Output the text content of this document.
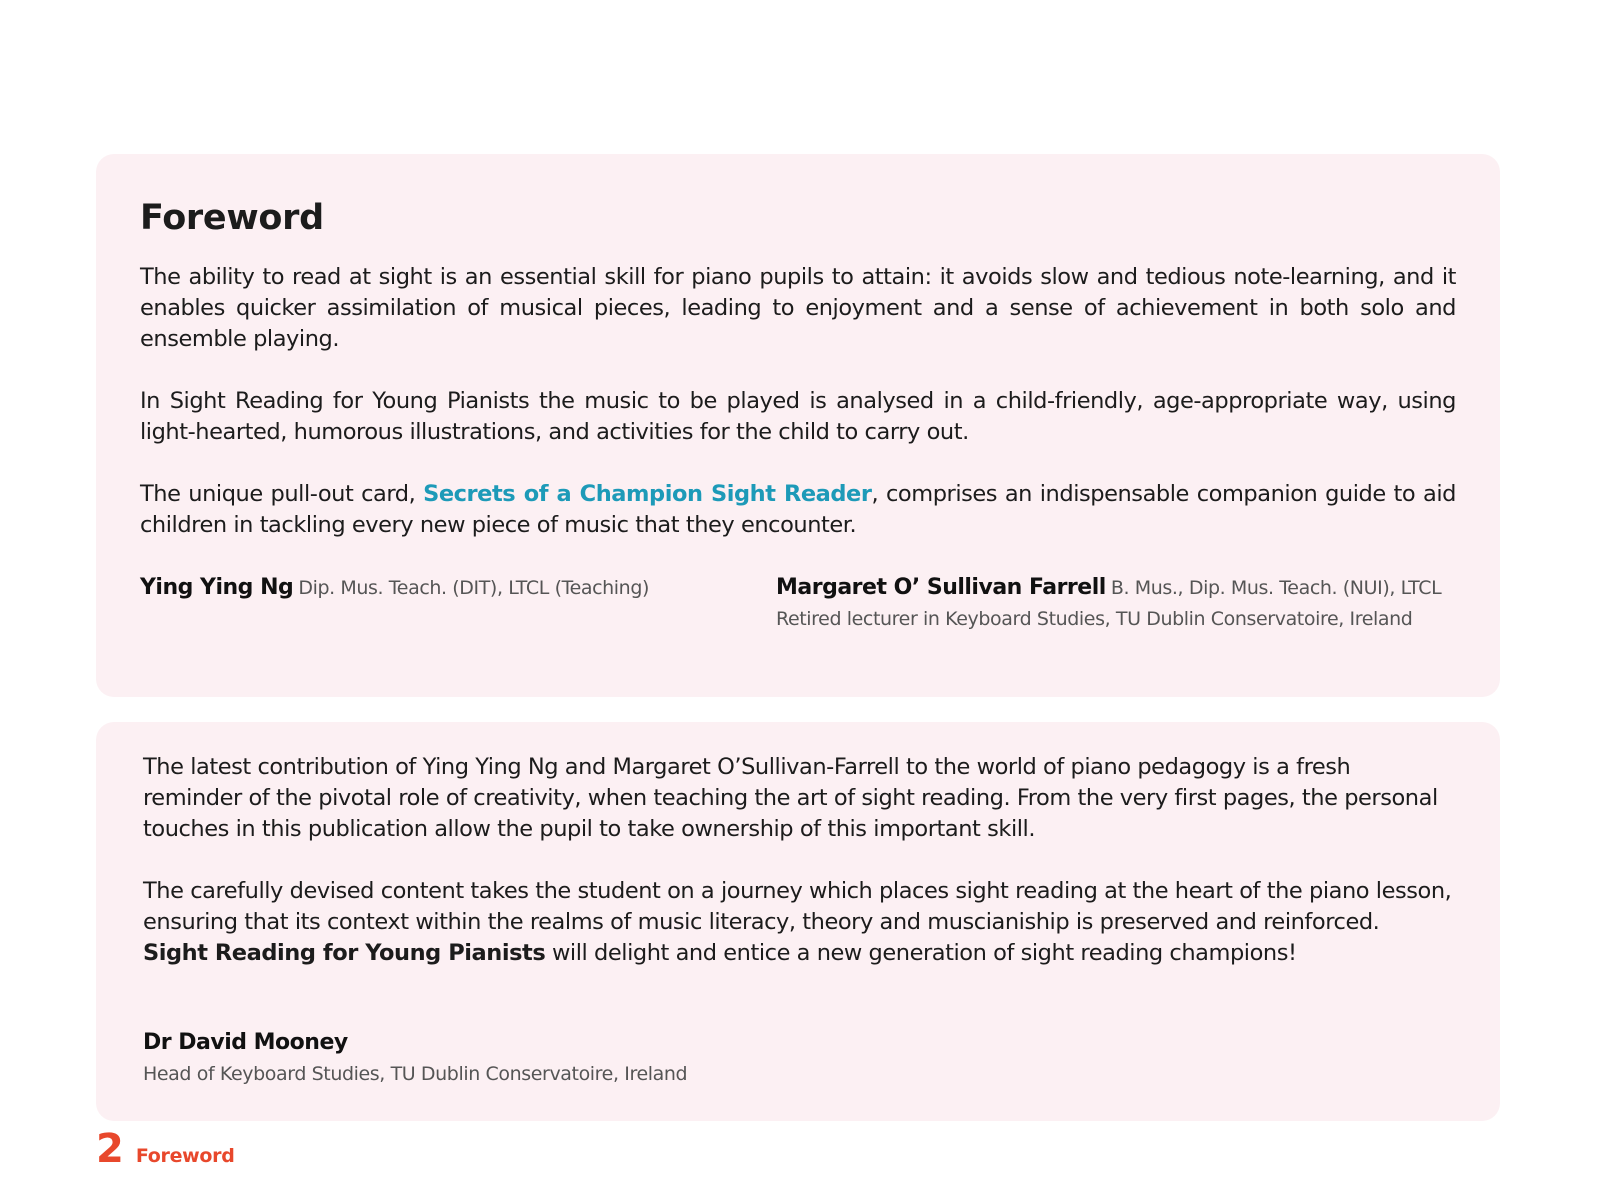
Foreword

The ability to read at sight is an essential skill for piano pupils to attain: it avoids slow and tedious note-learning, and it enables quicker assimilation of musical pieces, leading to enjoyment and a sense of achievement in both solo and ensemble playing.

In Sight Reading for Young Pianists the music to be played is analysed in a child-friendly, age-appropriate way, using light-hearted, humorous illustrations, and activities for the child to carry out.

The unique pull-out card, Secrets of a Champion Sight Reader, comprises an indispensable companion guide to aid children in tackling every new piece of music that they encounter.

Ying Ying Ng Dip. Mus. Teach. (DIT), LTCL (Teaching)	Margaret O’ Sullivan Farrell B. Mus., Dip. Mus. Teach. (NUI), LTCL
Retired lecturer in Keyboard Studies, TU Dublin Conservatoire, Ireland

The latest contribution of Ying Ying Ng and Margaret O’Sullivan-Farrell to the world of piano pedagogy is a fresh reminder of the pivotal role of creativity, when teaching the art of sight reading. From the very first pages, the personal touches in this publication allow the pupil to take ownership of this important skill.

The carefully devised content takes the student on a journey which places sight reading at the heart of the piano lesson, ensuring that its context within the realms of music literacy, theory and muscianiship is preserved and reinforced.

Sight Reading for Young Pianists will delight and entice a new generation of sight reading champions!

Dr David Mooney
Head of Keyboard Studies, TU Dublin Conservatoire, Ireland
2 Foreword
